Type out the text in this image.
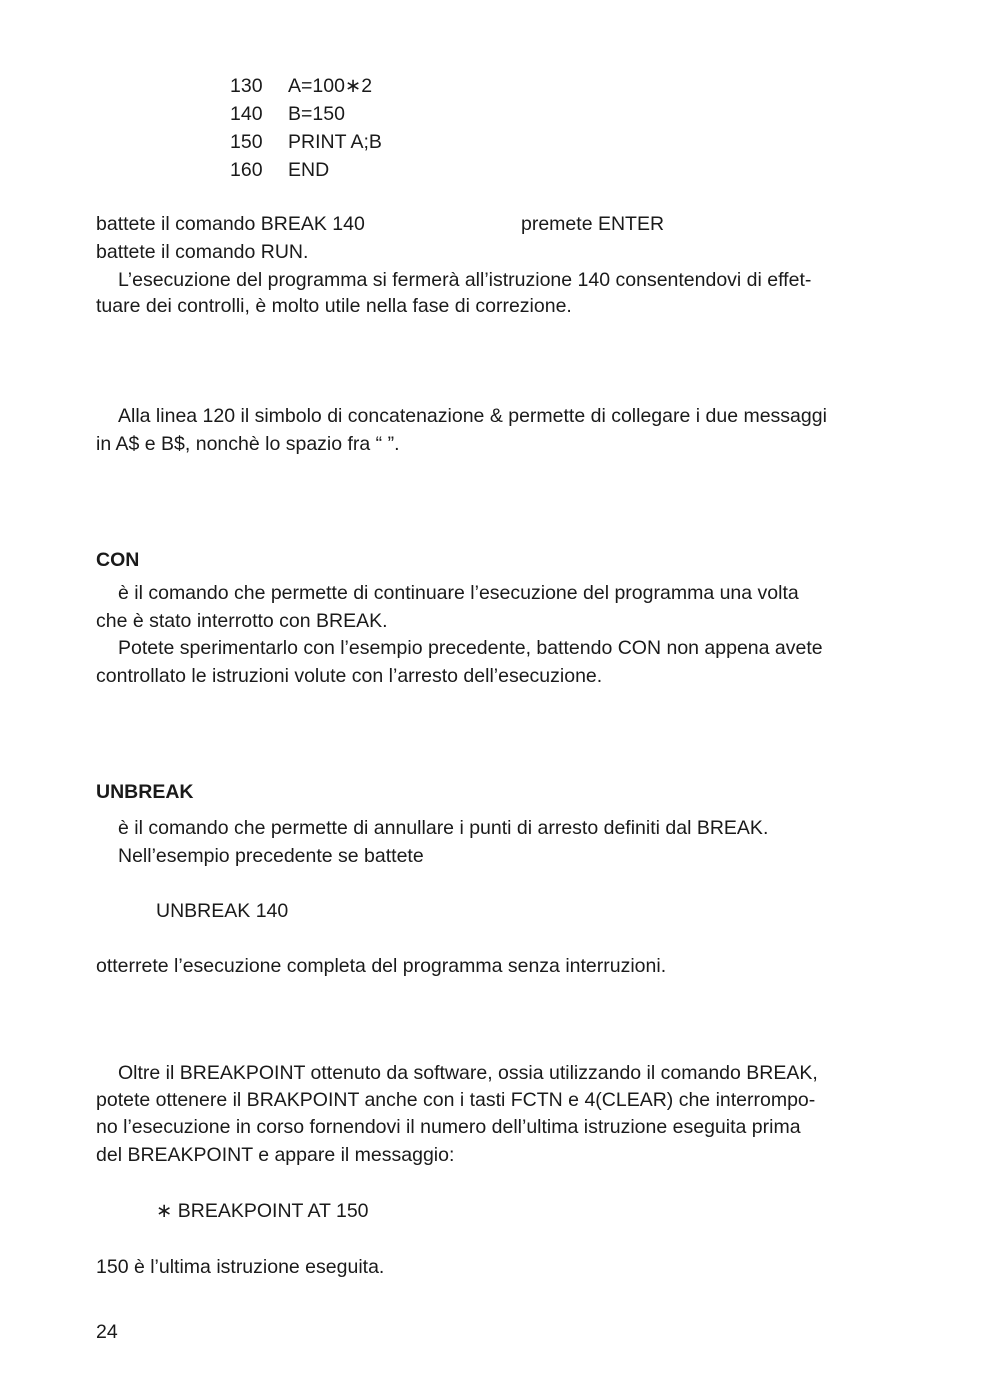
130 A=100∗2
140 B=150
150 PRINT A;B
160 END
battete il comando BREAK 140	premete ENTER
battete il comando RUN.
L’esecuzione del programma si fermerà all’istruzione 140 consentendovi di effet-
tuare dei controlli, è molto utile nella fase di correzione.
Alla linea 120 il simbolo di concatenazione & permette di collegare i due messaggi
in A$ e B$, nonchè lo spazio fra “ ”.
CON
è il comando che permette di continuare l’esecuzione del programma una volta
che è stato interrotto con BREAK.
Potete sperimentarlo con l’esempio precedente, battendo CON non appena avete
controllato le istruzioni volute con l’arresto dell’esecuzione.
UNBREAK
è il comando che permette di annullare i punti di arresto definiti dal BREAK.
Nell’esempio precedente se battete
UNBREAK 140
otterrete l’esecuzione completa del programma senza interruzioni.
Oltre il BREAKPOINT ottenuto da software, ossia utilizzando il comando BREAK,
potete ottenere il BRAKPOINT anche con i tasti FCTN e 4(CLEAR) che interrompo-
no l’esecuzione in corso fornendovi il numero dell’ultima istruzione eseguita prima
del BREAKPOINT e appare il messaggio:
∗ BREAKPOINT AT 150
150 è l’ultima istruzione eseguita.
24
